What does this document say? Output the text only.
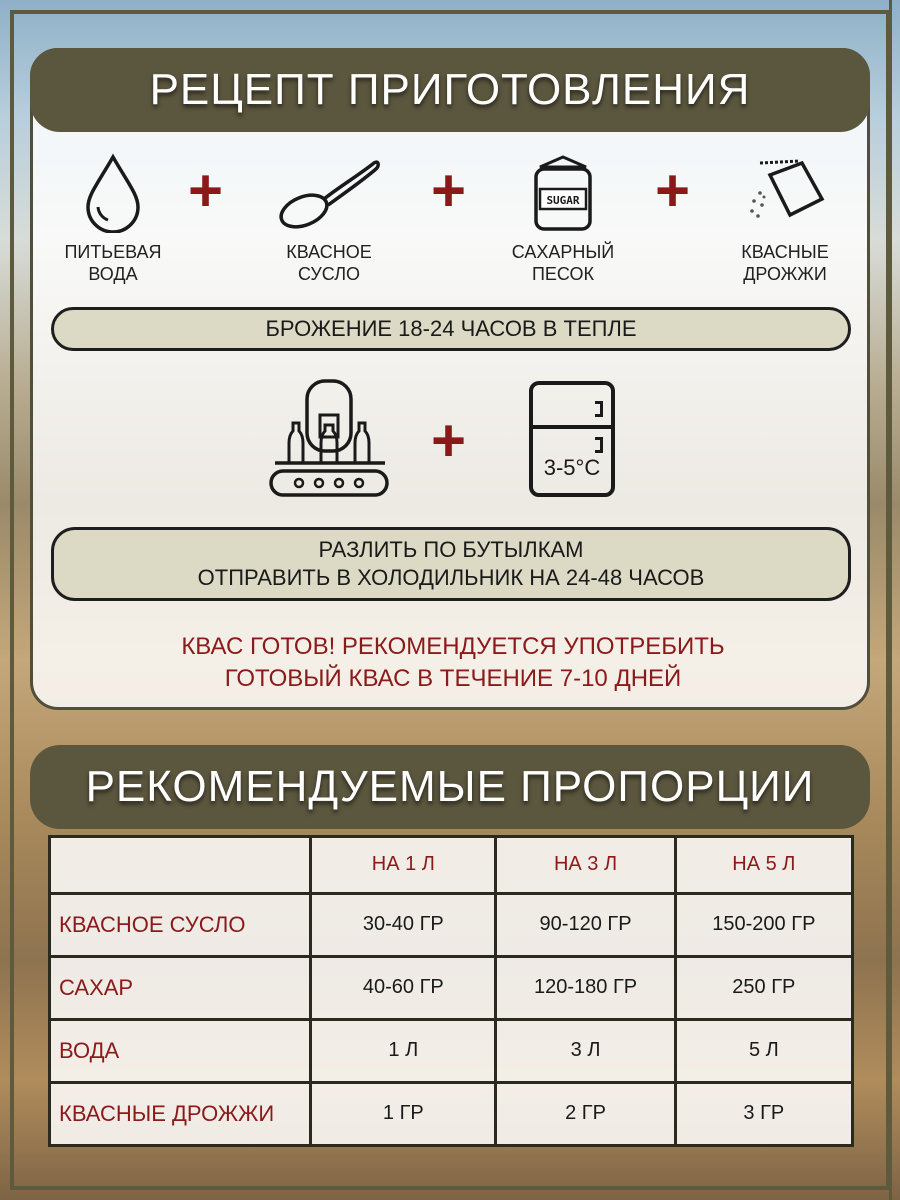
РЕЦЕПТ ПРИГОТОВЛЕНИЯ
ПИТЬЕВАЯ
ВОДА
+
КВАСНОЕ
СУСЛО
+	SUGAR
САХАРНЫЙ
ПЕСОК
+
КВАСНЫЕ
ДРОЖЖИ
БРОЖЕНИЕ 18-24 ЧАСОВ В ТЕПЛЕ
+	3-5°C
РАЗЛИТЬ ПО БУТЫЛКАМ
ОТПРАВИТЬ В ХОЛОДИЛЬНИК НА 24-48 ЧАСОВ
КВАС ГОТОВ! РЕКОМЕНДУЕТСЯ УПОТРЕБИТЬ
ГОТОВЫЙ КВАС В ТЕЧЕНИЕ 7-10 ДНЕЙ
РЕКОМЕНДУЕМЫЕ ПРОПОРЦИИ
	НА 1 Л	НА 3 Л	НА 5 Л
КВАСНОЕ СУСЛО	30-40 ГР	90-120 ГР	150-200 ГР
САХАР	40-60 ГР	120-180 ГР	250 ГР
ВОДА	1 Л	3 Л	5 Л
КВАСНЫЕ ДРОЖЖИ	1 ГР	2 ГР	3 ГР
